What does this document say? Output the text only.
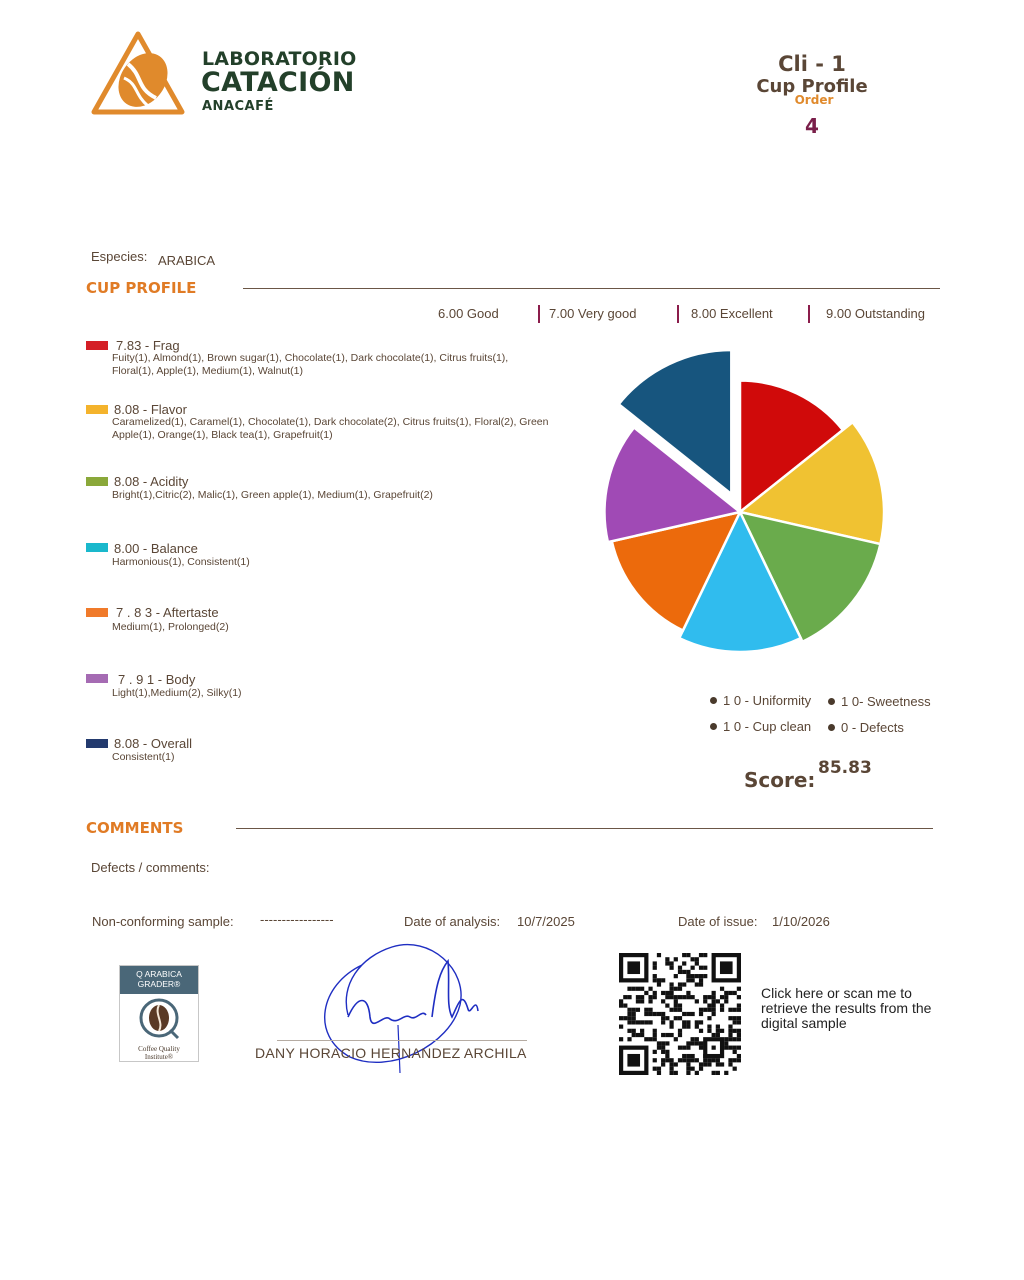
LABORATORIO
CATACIÓN
ANACAFÉ
Cli - 1
Cup Profile
Order
4
Especies: ARABICA
CUP PROFILE
6.00 Good	7.00 Very good	8.00 Excellent	9.00 Outstanding
7.83 - Frag
Fuity(1), Almond(1), Brown sugar(1), Chocolate(1), Dark chocolate(1), Citrus fruits(1), Floral(1), Apple(1), Medium(1), Walnut(1)
8.08 - Flavor
Caramelized(1), Caramel(1), Chocolate(1), Dark chocolate(2), Citrus fruits(1), Floral(2), Green Apple(1), Orange(1), Black tea(1), Grapefruit(1)
8.08 - Acidity
Bright(1),Citric(2), Malic(1), Green apple(1), Medium(1), Grapefruit(2)
8.00 - Balance
Harmonious(1), Consistent(1)
7 . 8 3 - Aftertaste
Medium(1), Prolonged(2)
7 . 9 1 - Body
Light(1),Medium(2), Silky(1)
8.08 - Overall
Consistent(1)
1 0 - Uniformity	1 0- Sweetness
1 0 - Cup clean	0 - Defects
Score: 85.83
COMMENTS
Defects / comments:
Non-conforming sample: -----------------	Date of analysis: 10/7/2025	Date of issue: 1/10/2026
Q ARABICA
GRADER®
Coffee Quality
Institute®	DANY HORACIO HERNANDEZ ARCHILA
Click here or scan me to retrieve the results from the digital sample
